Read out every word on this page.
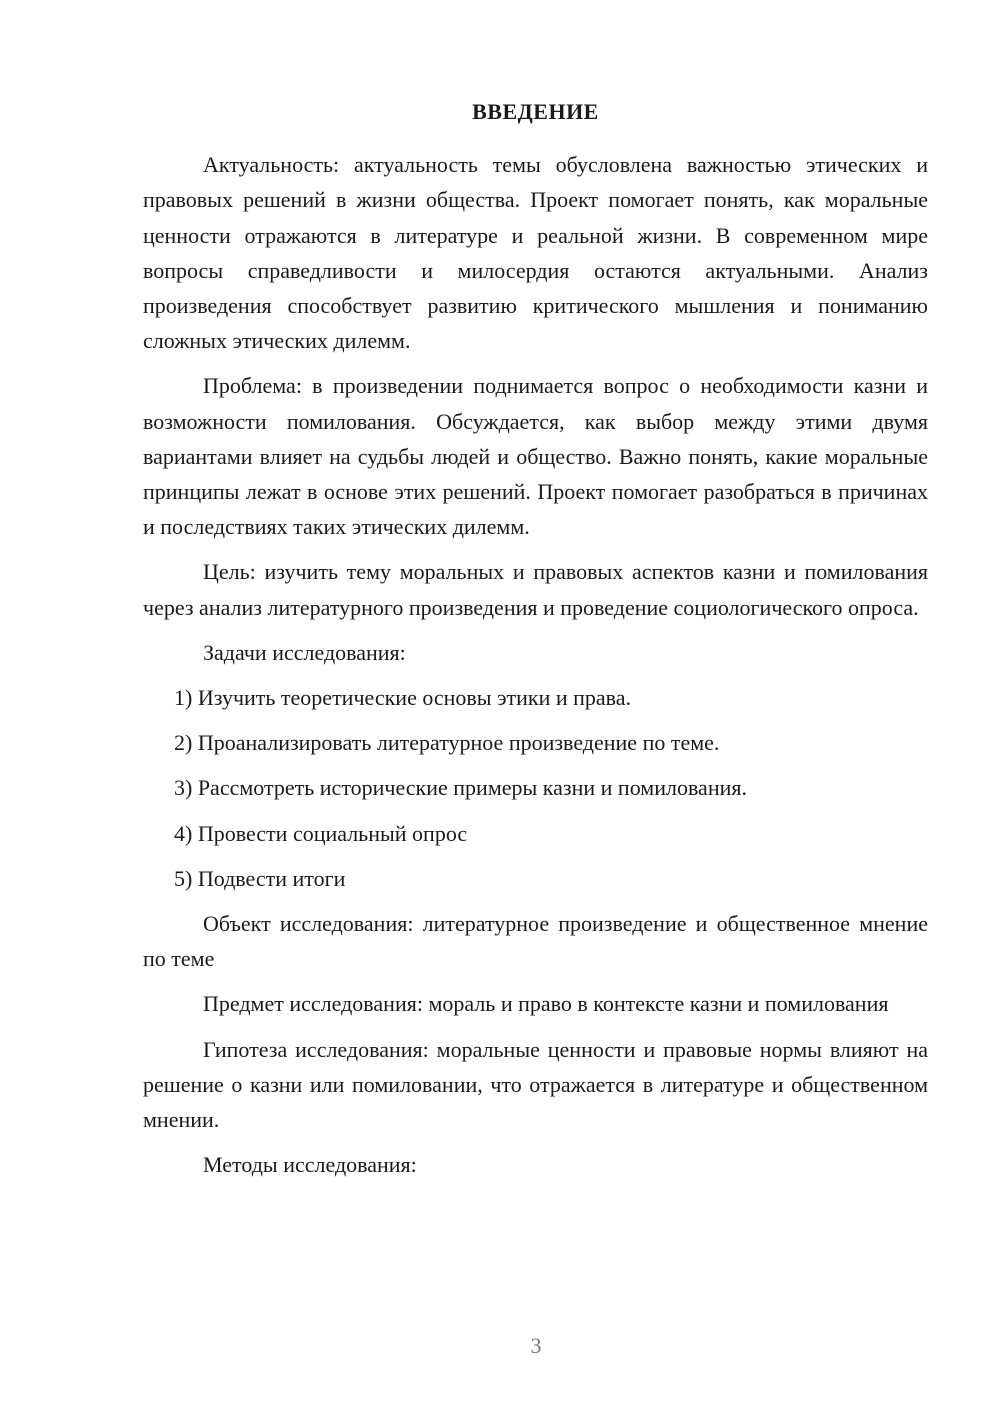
ВВЕДЕНИЕ

Актуальность: актуальность темы обусловлена важностью этических и правовых решений в жизни общества. Проект помогает понять, как моральные ценности отражаются в литературе и реальной жизни. В современном мире вопросы справедливости и милосердия остаются актуальными. Анализ произведения способствует развитию критического мышления и пониманию сложных этических дилемм.

Проблема: в произведении поднимается вопрос о необходимости казни и возможности помилования. Обсуждается, как выбор между этими двумя вариантами влияет на судьбы людей и общество. Важно понять, какие моральные принципы лежат в основе этих решений. Проект помогает разобраться в причинах и последствиях таких этических дилемм.

Цель: изучить тему моральных и правовых аспектов казни и помилования через анализ литературного произведения и проведение социологического опроса.

Задачи исследования:

1) Изучить теоретические основы этики и права.
2) Проанализировать литературное произведение по теме.
3) Рассмотреть исторические примеры казни и помилования.
4) Провести социальный опрос
5) Подвести итоги

Объект исследования: литературное произведение и общественное мнение по теме

Предмет исследования: мораль и право в контексте казни и помилования

Гипотеза исследования: моральные ценности и правовые нормы влияют на решение о казни или помиловании, что отражается в литературе и общественном мнении.

Методы исследования:

3
